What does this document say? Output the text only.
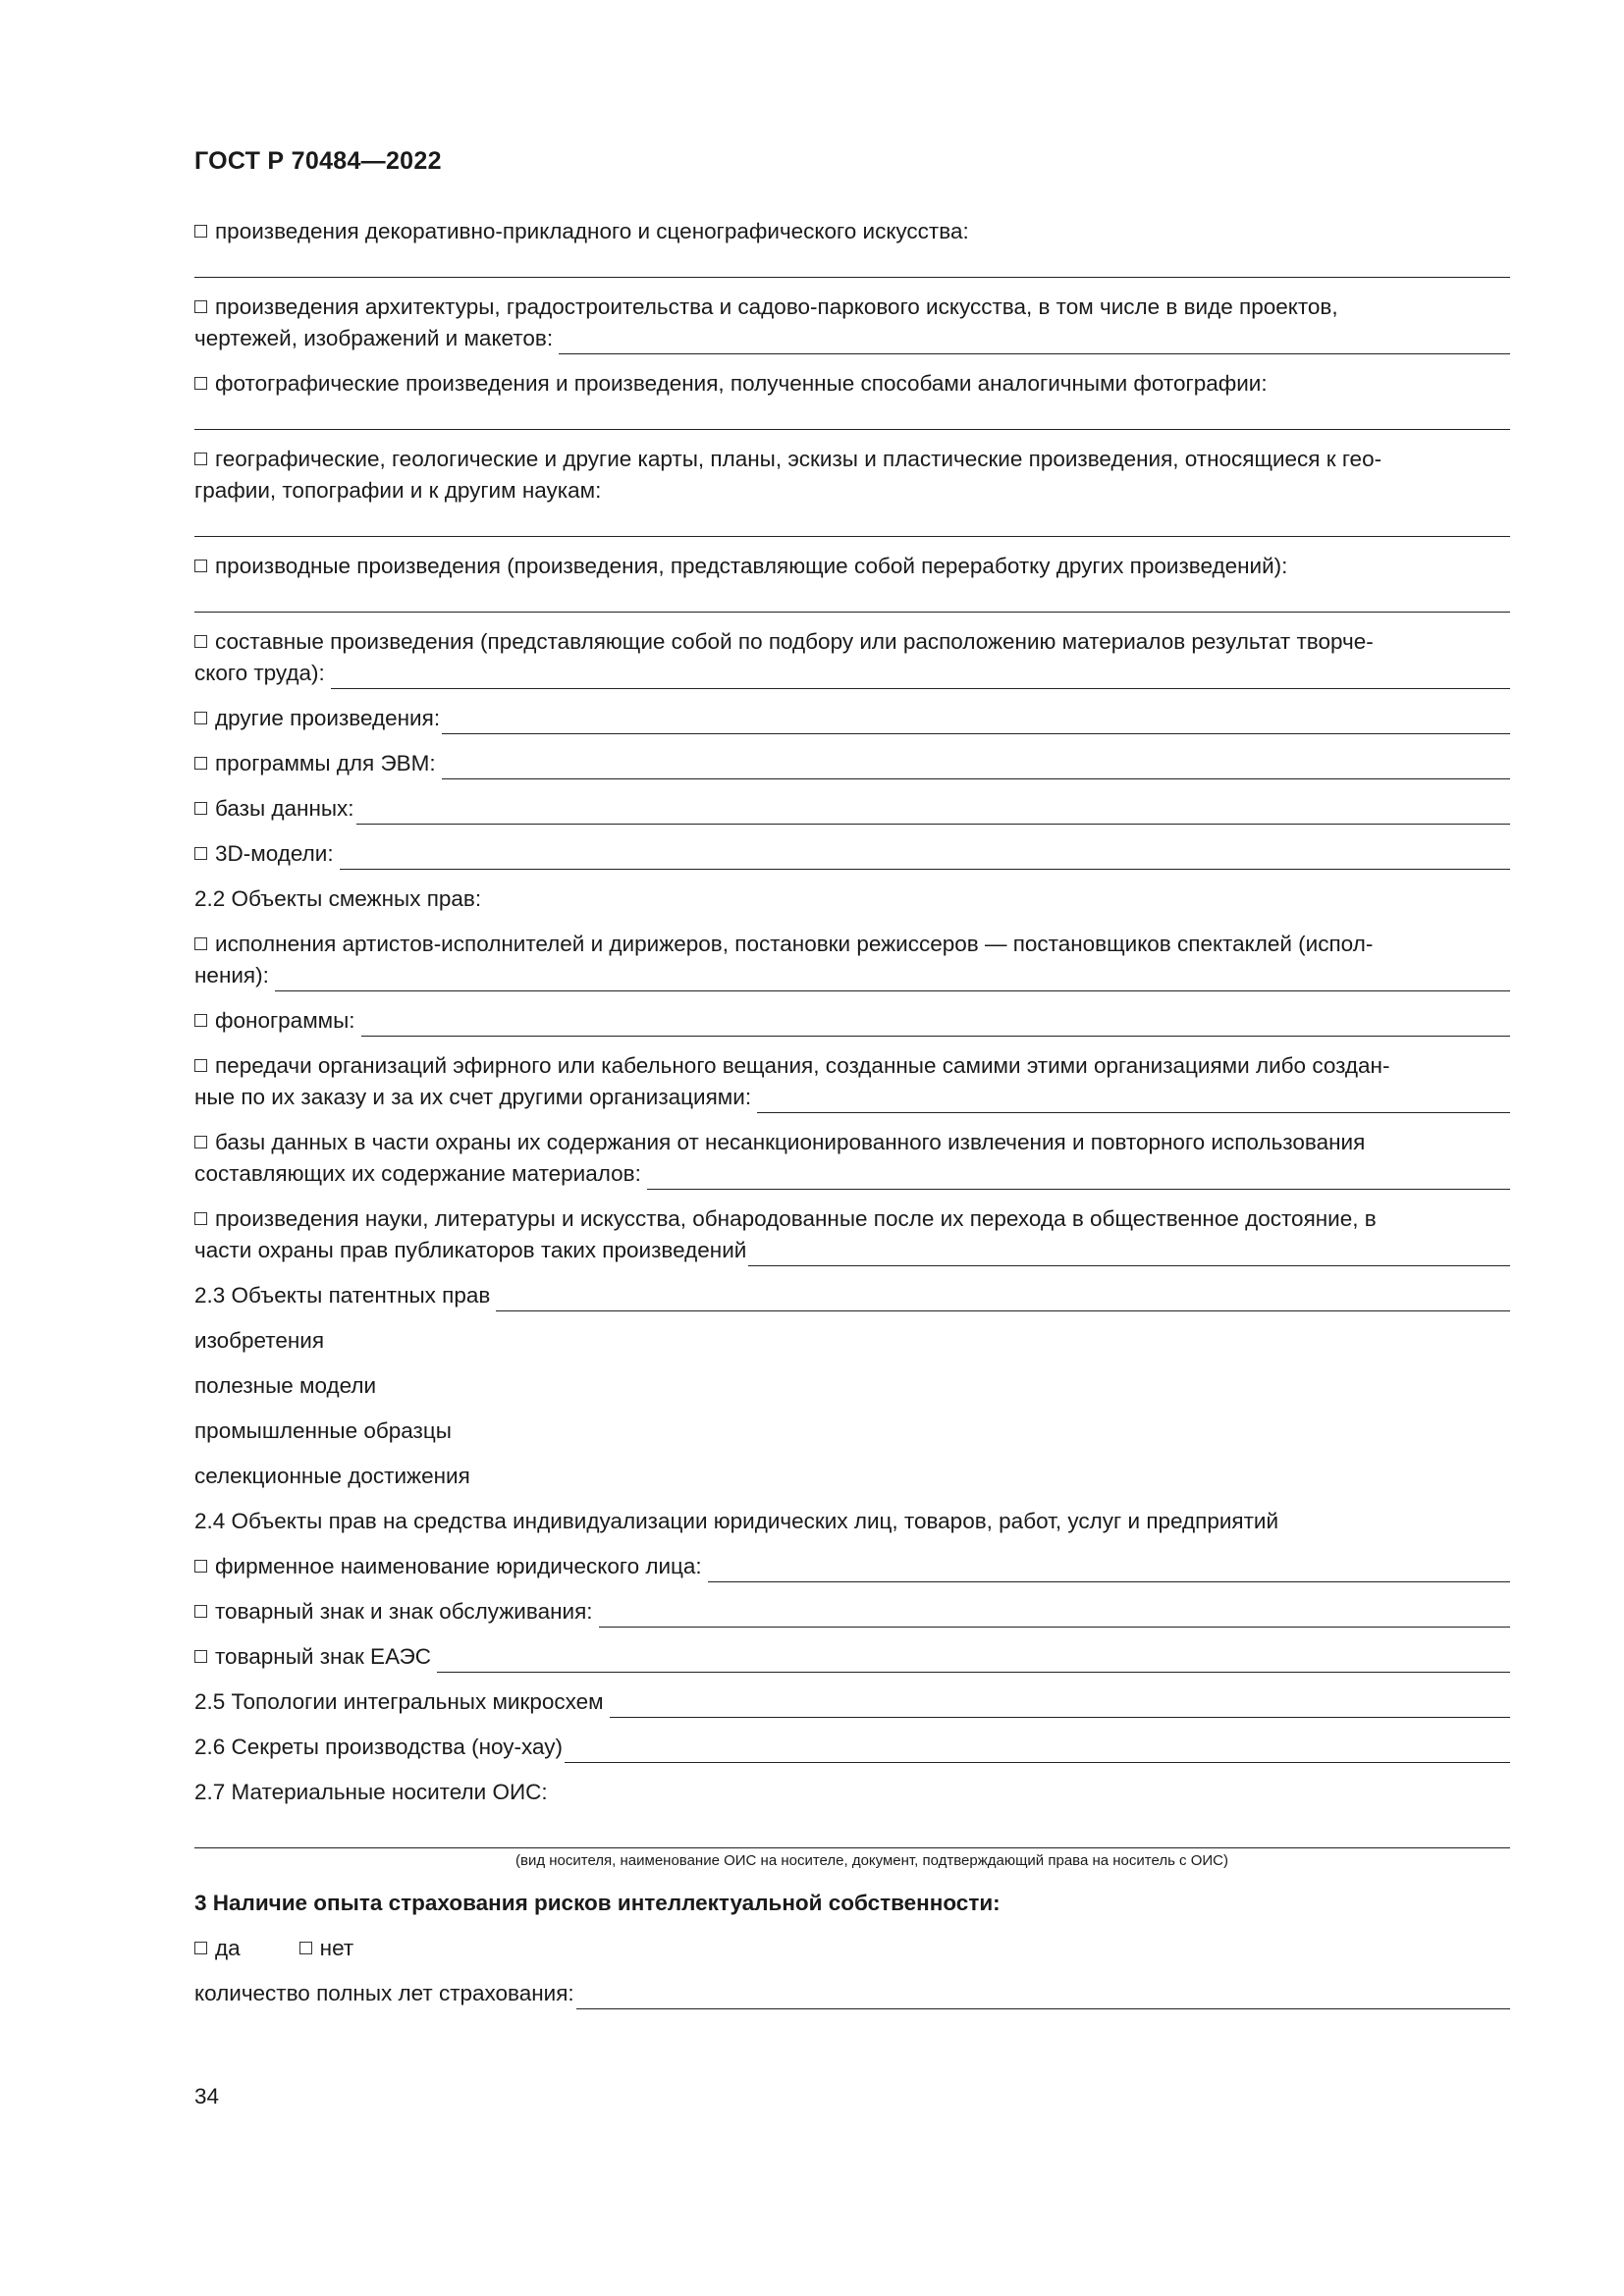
ГОСТ Р 70484—2022
произведения декоративно-прикладного и сценографического искусства:
произведения архитектуры, градостроительства и садово-паркового искусства, в том числе в виде проектов,
чертежей, изображений и макетов:
фотографические произведения и произведения, полученные способами аналогичными фотографии:
географические, геологические и другие карты, планы, эскизы и пластические произведения, относящиеся к гео-
графии, топографии и к другим наукам:
производные произведения (произведения, представляющие собой переработку других произведений):
составные произведения (представляющие собой по подбору или расположению материалов результат творче-
ского труда):
другие произведения:
программы для ЭВМ:
базы данных:
3D-модели:
2.2 Объекты смежных прав:
исполнения артистов-исполнителей и дирижеров, постановки режиссеров — постановщиков спектаклей (испол-
нения):
фонограммы:
передачи организаций эфирного или кабельного вещания, созданные самими этими организациями либо создан-
ные по их заказу и за их счет другими организациями:
базы данных в части охраны их содержания от несанкционированного извлечения и повторного использования
составляющих их содержание материалов:
произведения науки, литературы и искусства, обнародованные после их перехода в общественное достояние, в
части охраны прав публикаторов таких произведений
2.3 Объекты патентных прав
изобретения
полезные модели
промышленные образцы
селекционные достижения
2.4 Объекты прав на средства индивидуализации юридических лиц, товаров, работ, услуг и предприятий
фирменное наименование юридического лица:
товарный знак и знак обслуживания:
товарный знак ЕАЭС
2.5 Топологии интегральных микросхем
2.6 Секреты производства (ноу-хау)
2.7 Материальные носители ОИС:
(вид носителя, наименование ОИС на носителе, документ, подтверждающий права на носитель с ОИС)
3 Наличие опыта страхования рисков интеллектуальной собственности:
да	нет
количество полных лет страхования:
34
